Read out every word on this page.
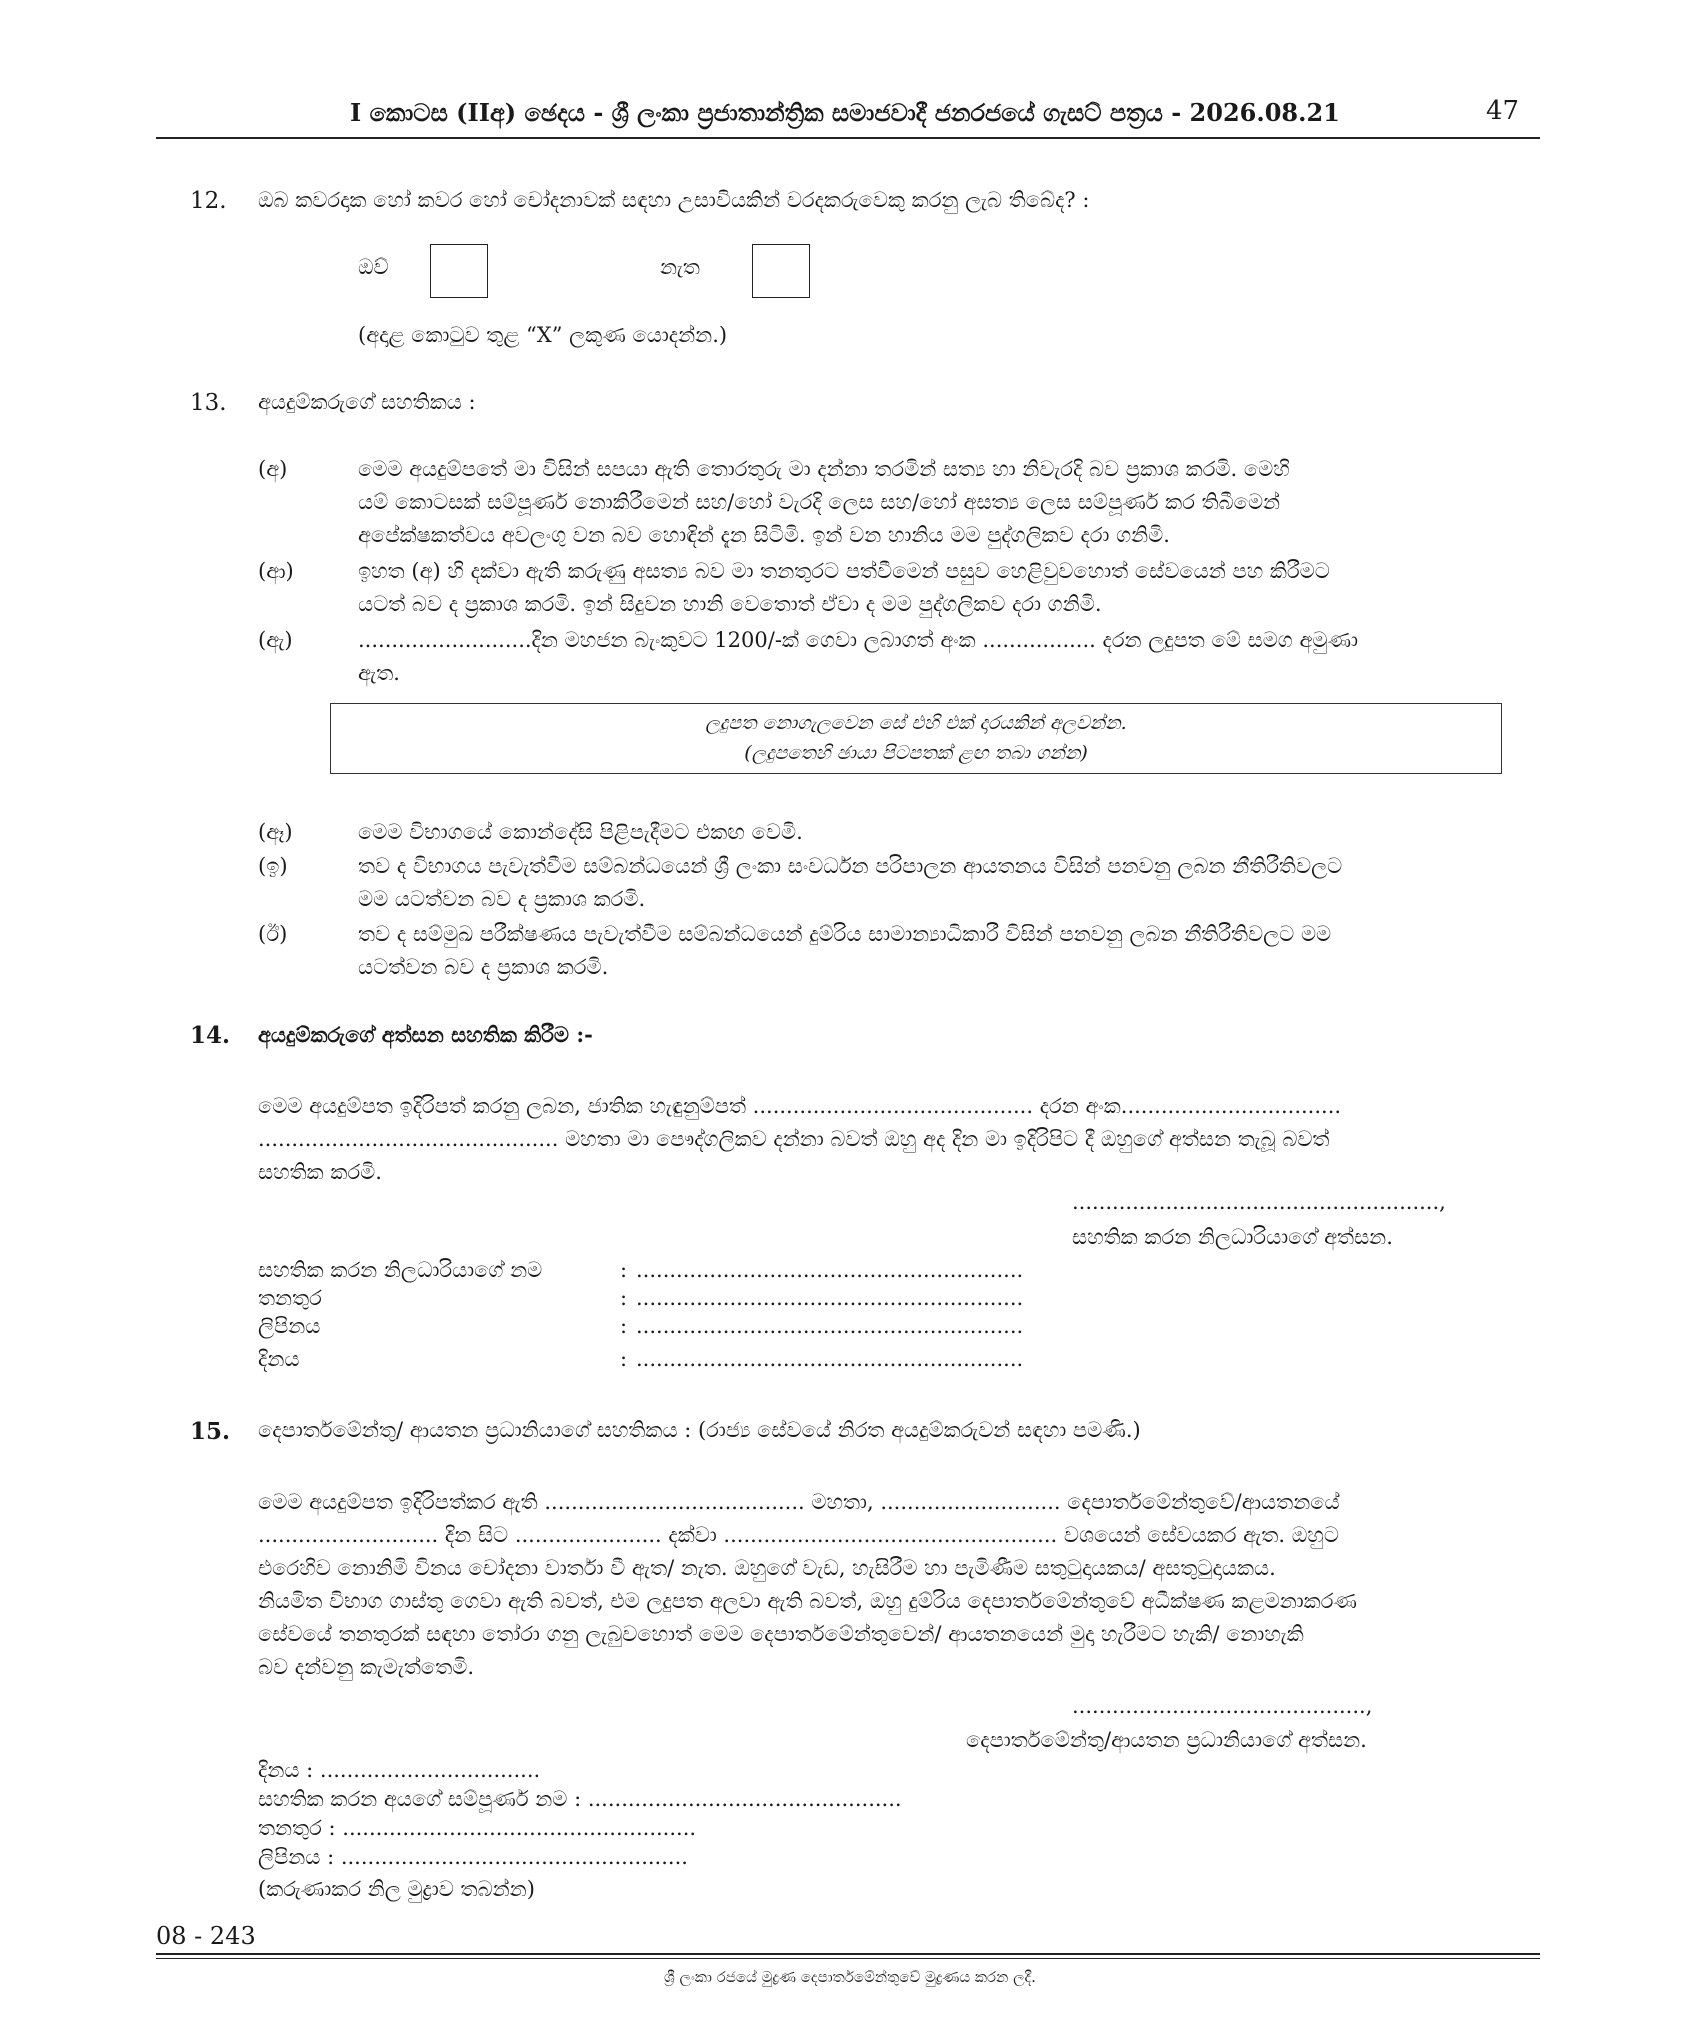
I කොටස (IIඅ) ඡෙදය - ශ්‍රී ලංකා ප්‍රජාතාන්ත්‍රික සමාජවාදී ජනරජයේ ගැසට් පත්‍රය - 2026.08.21	47
12. ඔබ කවරදාක හෝ කවර හෝ චෝදනාවක් සඳහා උසාවියකින් වරදකරුවෙකු කරනු ලැබ තිබේද? :
ඔව්	නැත
(අදාළ කොටුව තුළ “X” ලකුණ යොදන්න.)
13. අයදුම්කරුගේ සහතිකය :
(අ)	මෙම අයදුම්පතේ මා විසින් සපයා ඇති තොරතුරු මා දන්නා තරමින් සත්‍ය හා නිවැරදි බව ප්‍රකාශ කරමි. මෙහි
යම් කොටසක් සම්පූර්ණ නොකිරීමෙන් සහ/හෝ වැරදි ලෙස සහ/හෝ අසත්‍ය ලෙස සම්පූර්ණ කර තිබීමෙන්
අපේක්ෂකත්වය අවලංගු වන බව හොඳින් දැන සිටිමි. ඉන් වන හානිය මම පුද්ගලිකව දරා ගනිමි.
(ආ)	ඉහත (අ) හි දක්වා ඇති කරුණු අසත්‍ය බව මා තනතුරට පත්වීමෙන් පසුව හෙළිවුවහොත් සේවයෙන් පහ කිරීමට
යටත් බව ද ප්‍රකාශ කරමි. ඉන් සිදුවන හානි වෙතොත් ඒවා ද මම පුද්ගලිකව දරා ගනිමි.
(ඇ)	..........................දින මහජන බැංකුවට 1200/-ක් ගෙවා ලබාගත් අංක ................. දරන ලදුපත මේ සමග අමුණා
ඇත.
ලදුපත නොගැලවෙන සේ එහි එක් දාරයකින් අලවන්න.
(ලදුපතෙහි ඡායා පිටපතක් ළඟ තබා ගන්න)
(ඈ)	මෙම විභාගයේ කොන්දේසි පිළිපැදීමට එකඟ වෙමි.
(ඉ)	තව ද විභාගය පැවැත්වීම සම්බන්ධයෙන් ශ්‍රී ලංකා සංවර්ධන පරිපාලන ආයතනය විසින් පනවනු ලබන නීතිරීතිවලට
මම යටත්වන බව ද ප්‍රකාශ කරමි.
(ඊ)	තව ද සම්මුඛ පරීක්ෂණය පැවැත්වීම සම්බන්ධයෙන් දුම්රිය සාමාන්‍යාධිකාරී විසින් පනවනු ලබන නීතිරීතිවලට මම
යටත්වන බව ද ප්‍රකාශ කරමි.
14. අයදුම්කරුගේ අත්සන සහතික කිරීම :-
මෙම අයදුම්පත ඉදිරිපත් කරනු ලබන, ජාතික හැඳුනුම්පත් .......................................... දරන අංක.................................
............................................. මහතා මා පෞද්ගලිකව දන්නා බවත් ඔහු අද දින මා ඉදිරිපිට දී ඔහුගේ අත්සන තැබූ බවත්
සහතික කරමි.
.......................................................,
සහතික කරන නිලධාරියාගේ අත්සන.
සහතික කරන නිලධාරියාගේ නම	: ..........................................................
තනතුර	: ..........................................................
ලිපිනය	: ..........................................................
දිනය	: ..........................................................
15. දෙපාර්තමේන්තු/ ආයතන ප්‍රධානියාගේ සහතිකය : (රාජ්‍ය සේවයේ නිරත අයදුම්කරුවන් සඳහා පමණි.)
මෙම අයදුම්පත ඉදිරිපත්කර ඇති ....................................... මහතා, ........................... දෙපාර්තමේන්තුවේ/ආයතනයේ
........................... දින සිට ...................... දක්වා .................................................. වශයෙන් සේවයකර ඇත. ඔහුට
එරෙහිව නොනිමි විනය චෝදනා වාර්තා වී ඇත/ නැත. ඔහුගේ වැඩ, හැසිරීම හා පැමිණීම සතුටුදායකය/ අසතුටුදායකය.
නියමිත විභාග ගාස්තු ගෙවා ඇති බවත්, එම ලදුපත අලවා ඇති බවත්, ඔහු දුම්රිය දෙපාර්තමේන්තුවේ අධීක්ෂණ කළමනාකරණ
සේවයේ තනතුරක් සඳහා තෝරා ගනු ලැබුවහොත් මෙම දෙපාර්තමේන්තුවෙන්/ ආයතනයෙන් මුදා හැරීමට හැකි/ නොහැකි
බව දන්වනු කැමැත්තෙමි.
............................................,
දෙපාර්තමේන්තු/ආයතන ප්‍රධානියාගේ අත්සන.
දිනය : .................................
සහතික කරන අයගේ සම්පූර්ණ නම : ...............................................
තනතුර : .....................................................
ලිපිනය : ....................................................
(කරුණාකර නිල මුද්‍රාව තබන්න)
08 - 243
ශ්‍රී ලංකා රජයේ මුද්‍රණ දෙපාර්තමේන්තුවේ මුද්‍රණය කරන ලදී.
